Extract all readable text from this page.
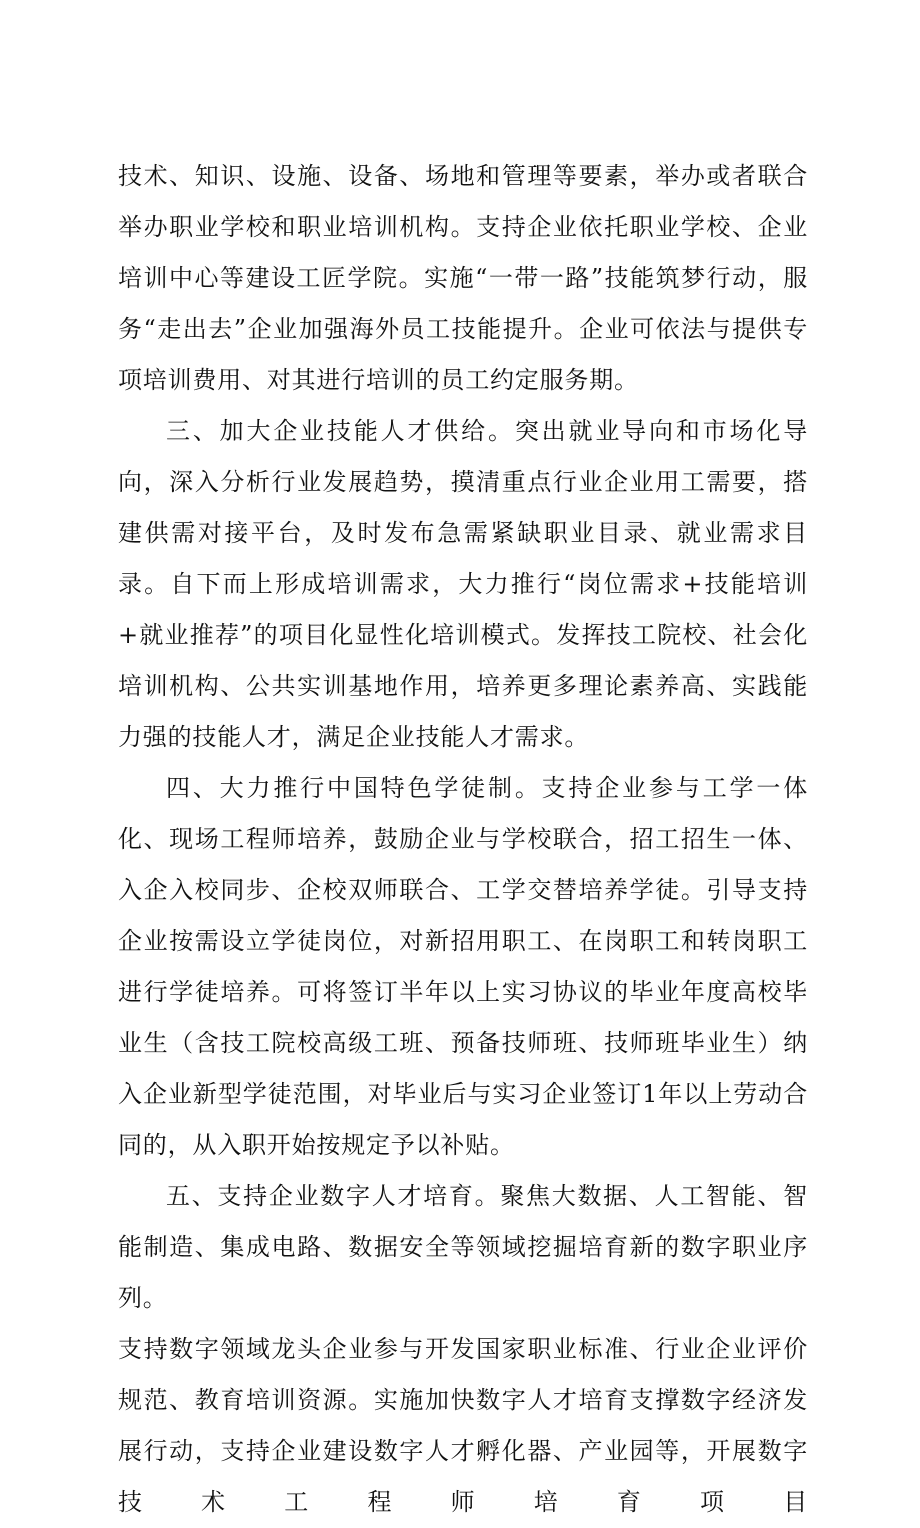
技术、知识、设施、设备、场地和管理等要素，举办或者联合举办职业学校和职业培训机构。支持企业依托职业学校、企业培训中心等建设工匠学院。实施“一带一路”技能筑梦行动，服务“走出去”企业加强海外员工技能提升。企业可依法与提供专项培训费用、对其进行培训的员工约定服务期。

三、加大企业技能人才供给。突出就业导向和市场化导向，深入分析行业发展趋势，摸清重点行业企业用工需要，搭建供需对接平台，及时发布急需紧缺职业目录、就业需求目录。自下而上形成培训需求，大力推行“岗位需求+技能培训+就业推荐”的项目化显性化培训模式。发挥技工院校、社会化培训机构、公共实训基地作用，培养更多理论素养高、实践能力强的技能人才，满足企业技能人才需求。

四、大力推行中国特色学徒制。支持企业参与工学一体化、现场工程师培养，鼓励企业与学校联合，招工招生一体、入企入校同步、企校双师联合、工学交替培养学徒。引导支持企业按需设立学徒岗位，对新招用职工、在岗职工和转岗职工进行学徒培养。可将签订半年以上实习协议的毕业年度高校毕业生（含技工院校高级工班、预备技师班、技师班毕业生）纳入企业新型学徒范围，对毕业后与实习企业签订1年以上劳动合同的，从入职开始按规定予以补贴。

五、支持企业数字人才培育。聚焦大数据、人工智能、智能制造、集成电路、数据安全等领域挖掘培育新的数字职业序列。

支持数字领域龙头企业参与开发国家职业标准、行业企业评价规范、教育培训资源。实施加快数字人才培育支撑数字经济发展行动，支持企业建设数字人才孵化器、产业园等，开展数字技术工程师培育项目
